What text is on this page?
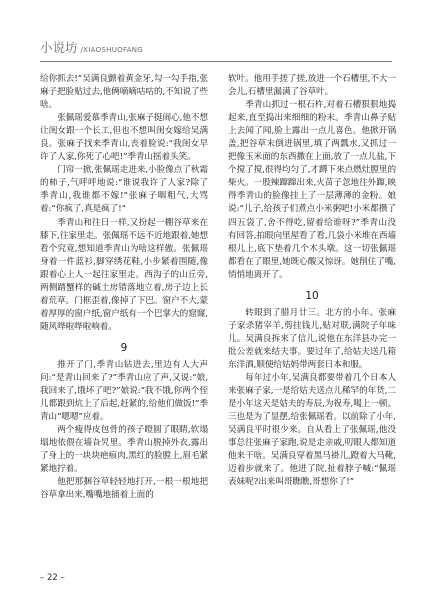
小说坊 /XIAOSHUOFANG

给你抓去!”吴满良颤着黄金牙,勾一勾手指,张麻子把脸贴过去,他俩嘀嘀咕咕的,不知说了些啥。

张佩瑶爱慕季青山,张麻子挺闹心,他不想让闺女跟一个长工,但也不想叫闺女嫁给吴满良。张麻子找来季青山,丧着脸说:“我闺女早许了人家,你死了心吧!”季青山摇着头笑。

门帘一掀,张佩瑶走进来,小脸像点了秋霜的柿子,气呼呼地说:“谁说我许了人家?除了季青山,我谁都不嫁!”张麻子咽粗气,大骂着:“你疯了,真是疯了!”

季青山和往日一样,又扮起一棚谷草来在膝下,往家里走。张佩瑶不远不近地跟着,她想看个究竟,想知道季青山为啥这样傲。张佩瑶身着一件蓝衫,脚穿绣花鞋,小步紧着围随,像跟着心上人一起往家里走。西沟子的山丘旁,两侧踏蟹样的碱土房错落地立着,房子边上长着荒草。门框歪着,像掉了下巴。窗户不大,蒙着厚厚的窗户纸,窗户纸有一个巴掌大的窟窿,随风哗啦哗啦响着。

9

推开了门,季青山钻进去,里边有人大声问:“是青山回来了?”季青山应了声,又说:“娘,我回来了,饿坏了吧?”娘说:“我不饿,你两个侄儿都跟到炕上了后起,赶紧的,给他们做饭!”季青山“嗯嗯”应着。

两个瘦得皮包骨的孩子瞪圆了眼睛,软塌塌地依偎在墙旮旯里。季青山脱掉外衣,露出了身上的一块块疤痕肉,黑红的脸膛上,眉毛紧紧地拧着。

他把那捆谷草轻轻地打开,一根一根地把谷草拿出来,嘴嘴地捅着上面的

软叶。他用手搓了搓,放进一个石槽里,不大一会儿,石槽里漏满了谷草叶。

季青山抓过一根石杵,对着石槽狠狠地捣起来,直至捣出来细细的粉末。季青山鼻子贴上去闻了闻,脸上露出一点儿喜色。他掀开锅盖,把谷草末倒进锅里,填了两瓢水,又抓过一把像玉米面的东西撒在上面,放了一点儿盐,下个搅了搅,很得均匀了,才蹲下来点燃灶膛里的柴火。一股辣蹿蹿出来,火苗子忽地往外蹿,映得季青山的脸像挂上了一层薄薄的金粉。娘说:“儿子,给孩子们煮点小米粥吧!小米都攒了四五袋了,舍不得吃,留着给谁呀?”季青山没有回答,拍眼向里屋看了看,几袋小米堆在西墙根儿上,底下垫着几个木头墩。这一切张佩瑶都看在了眼里,她既心酸又惊讶。她削住了嘴,悄悄地离开了。

10

转眼到了腊月廿三。北方的小年。张麻子家杀猪宰羊,剪挂钱儿,贴对联,满院子年味儿。吴满良拆来了信儿,说他在东洋县办完一批公差就来结夫事。要过年了,给姑夫送几箱东洋酒,顺便给姑妈带两套日本和服。

每年过小年,吴满良都要带着几个日本人来张麻子家,一是给姑夫送点儿稀罕的年货,二是小年这天是姑夫的寿辰,为祝寿,喝上一顿。三也是为了显摆,给张佩瑶看。以前除了小年,吴满良平时很少来。自从看上了张佩瑶,他没事总往张麻子家跑,说是走亲戚,叨眼人都知道他来干啥。吴满良穿着黑马褂儿,蹬着大马靴,迈着步就来了。他进了院,扯着脖子喊:“佩瑶表妹呢?出来叫哥瞧瞧,哥想你了!”

– 22 –
